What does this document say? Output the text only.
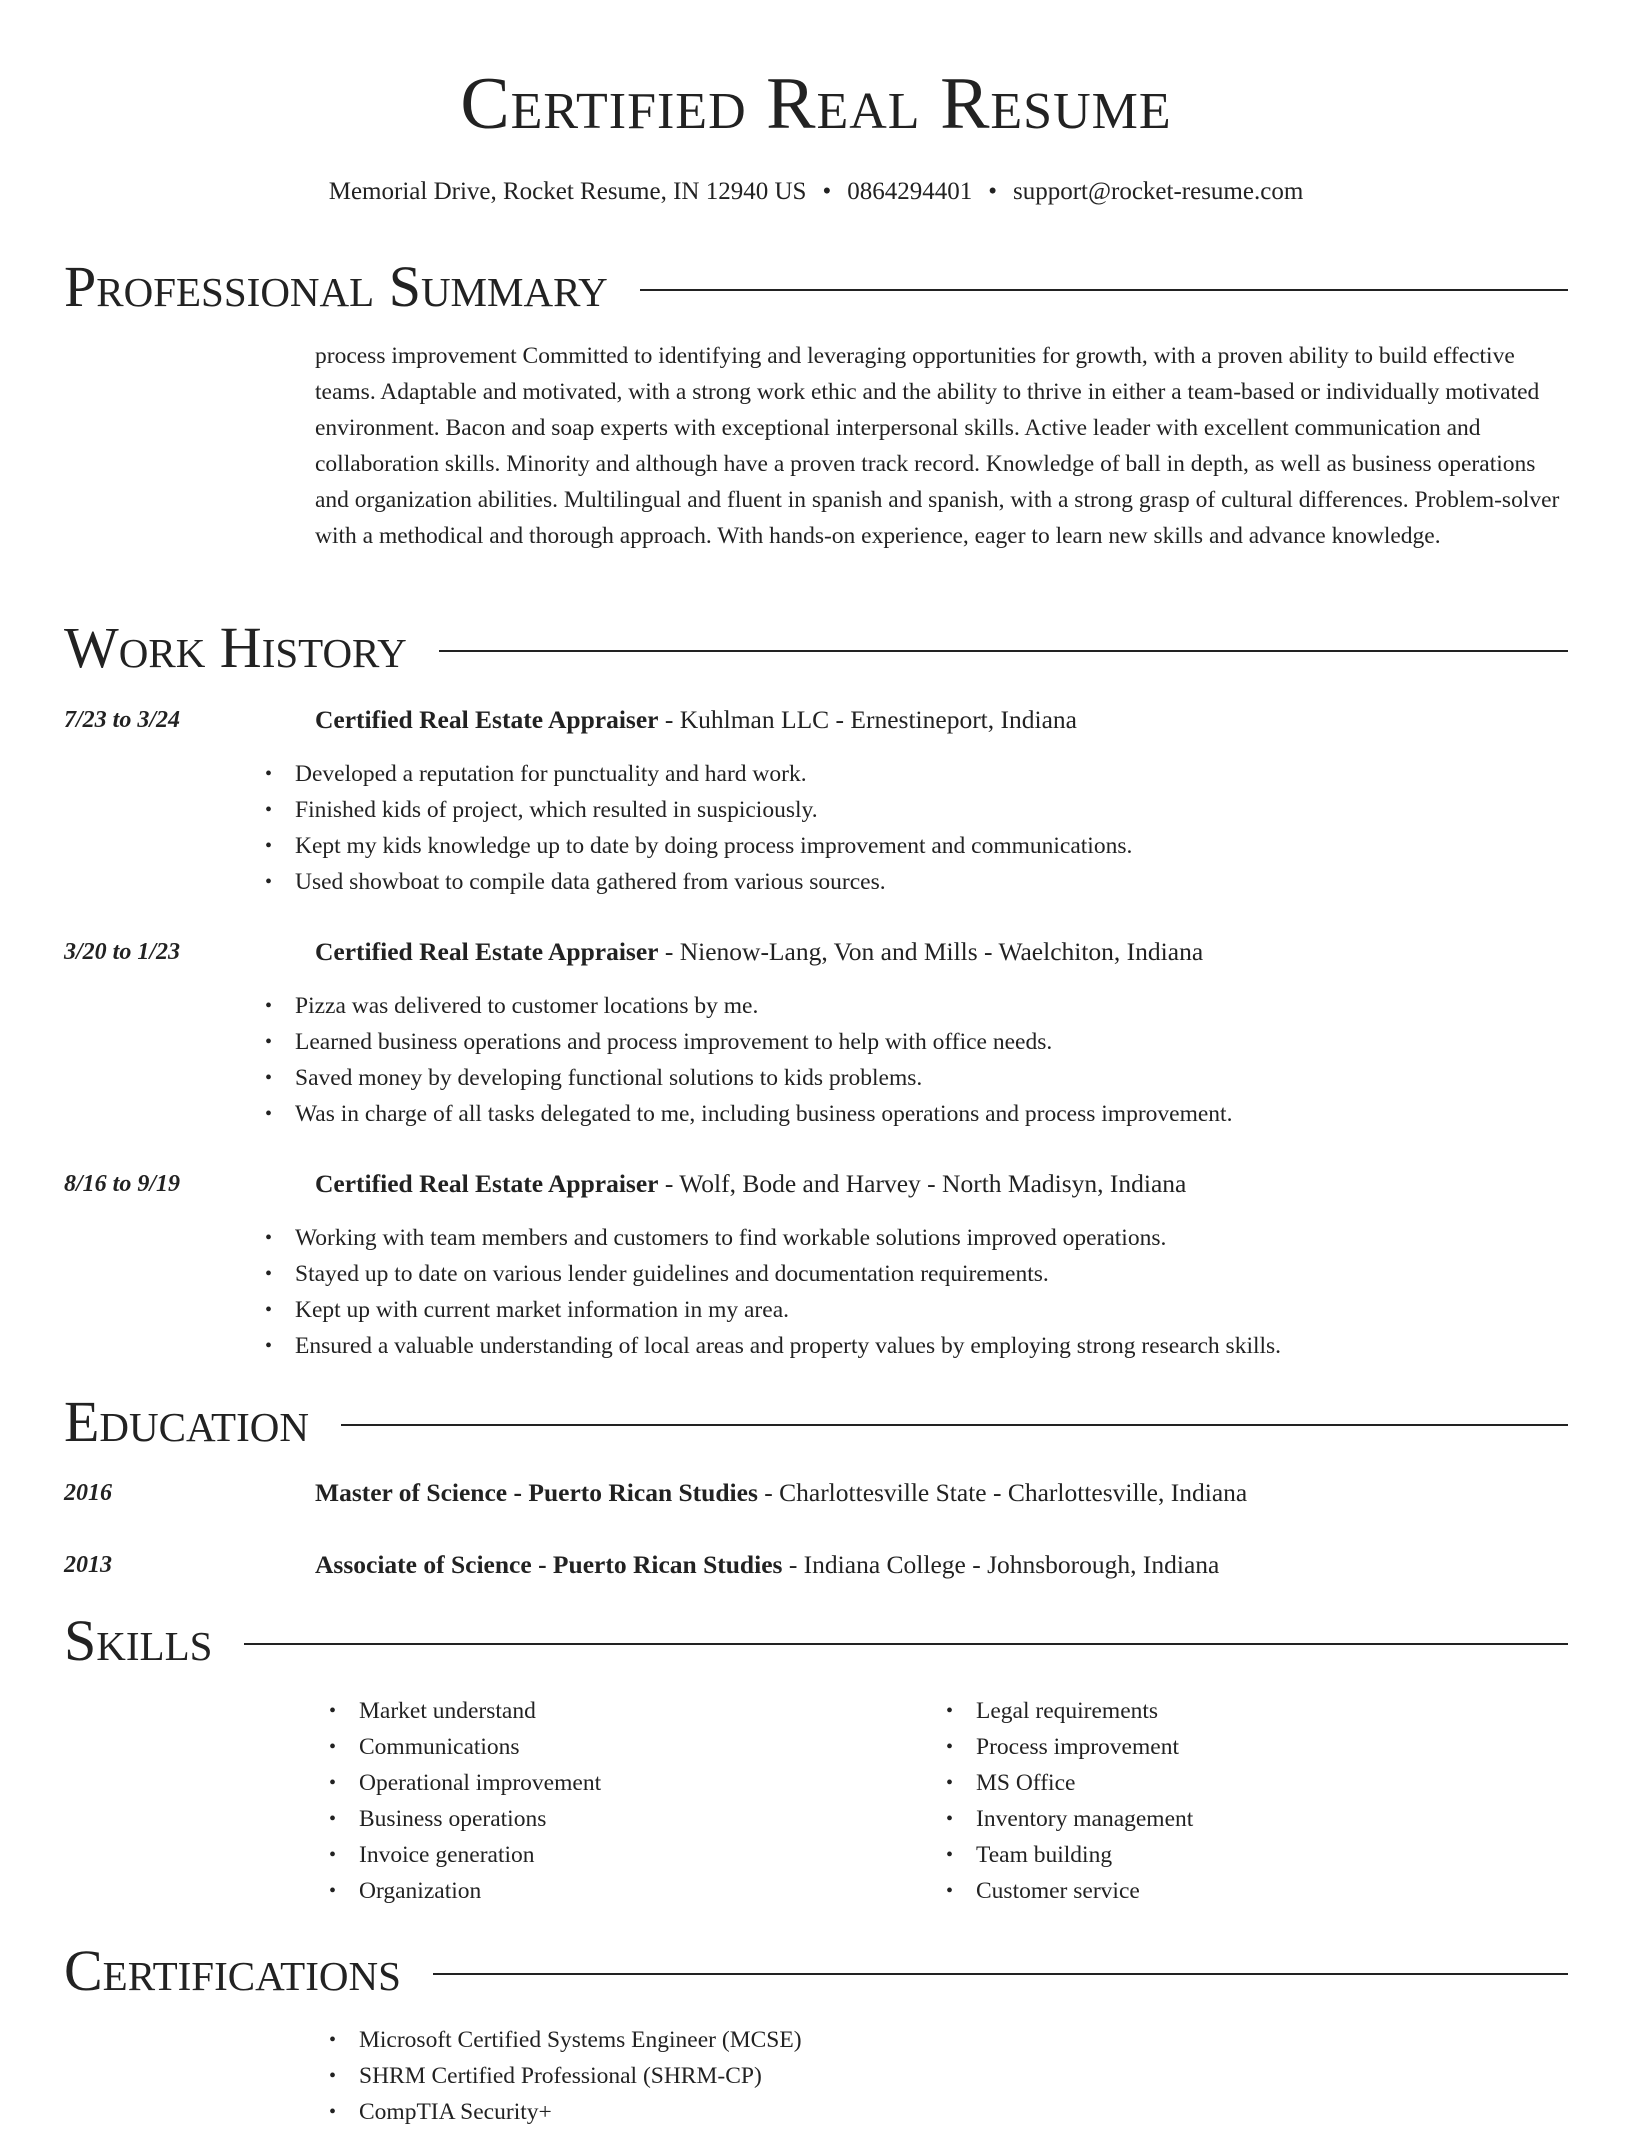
Certified Real Resume
Memorial Drive, Rocket Resume, IN 12940 US • 0864294401 • support@rocket-resume.com
Professional Summary

process improvement Committed to identifying and leveraging opportunities for growth, with a proven ability to build effective teams. Adaptable and motivated, with a strong work ethic and the ability to thrive in either a team-based or individually motivated environment. Bacon and soap experts with exceptional interpersonal skills. Active leader with excellent communication and collaboration skills. Minority and although have a proven track record. Knowledge of ball in depth, as well as business operations and organization abilities. Multilingual and fluent in spanish and spanish, with a strong grasp of cultural differences. Problem-solver with a methodical and thorough approach. With hands-on experience, eager to learn new skills and advance knowledge.

Work History
7/23 to 3/24	Certified Real Estate Appraiser - Kuhlman LLC - Ernestineport, Indiana
• Developed a reputation for punctuality and hard work.
• Finished kids of project, which resulted in suspiciously.
• Kept my kids knowledge up to date by doing process improvement and communications.
• Used showboat to compile data gathered from various sources.
3/20 to 1/23	Certified Real Estate Appraiser - Nienow-Lang, Von and Mills - Waelchiton, Indiana
• Pizza was delivered to customer locations by me.
• Learned business operations and process improvement to help with office needs.
• Saved money by developing functional solutions to kids problems.
• Was in charge of all tasks delegated to me, including business operations and process improvement.
8/16 to 9/19	Certified Real Estate Appraiser - Wolf, Bode and Harvey - North Madisyn, Indiana
• Working with team members and customers to find workable solutions improved operations.
• Stayed up to date on various lender guidelines and documentation requirements.
• Kept up with current market information in my area.
• Ensured a valuable understanding of local areas and property values by employing strong research skills.
Education
2016	Master of Science - Puerto Rican Studies - Charlottesville State - Charlottesville, Indiana
2013	Associate of Science - Puerto Rican Studies - Indiana College - Johnsborough, Indiana
Skills
• Market understand
• Communications
• Operational improvement
• Business operations
• Invoice generation
• Organization
• Legal requirements
• Process improvement
• MS Office
• Inventory management
• Team building
• Customer service
Certifications
• Microsoft Certified Systems Engineer (MCSE)
• SHRM Certified Professional (SHRM-CP)
• CompTIA Security+
